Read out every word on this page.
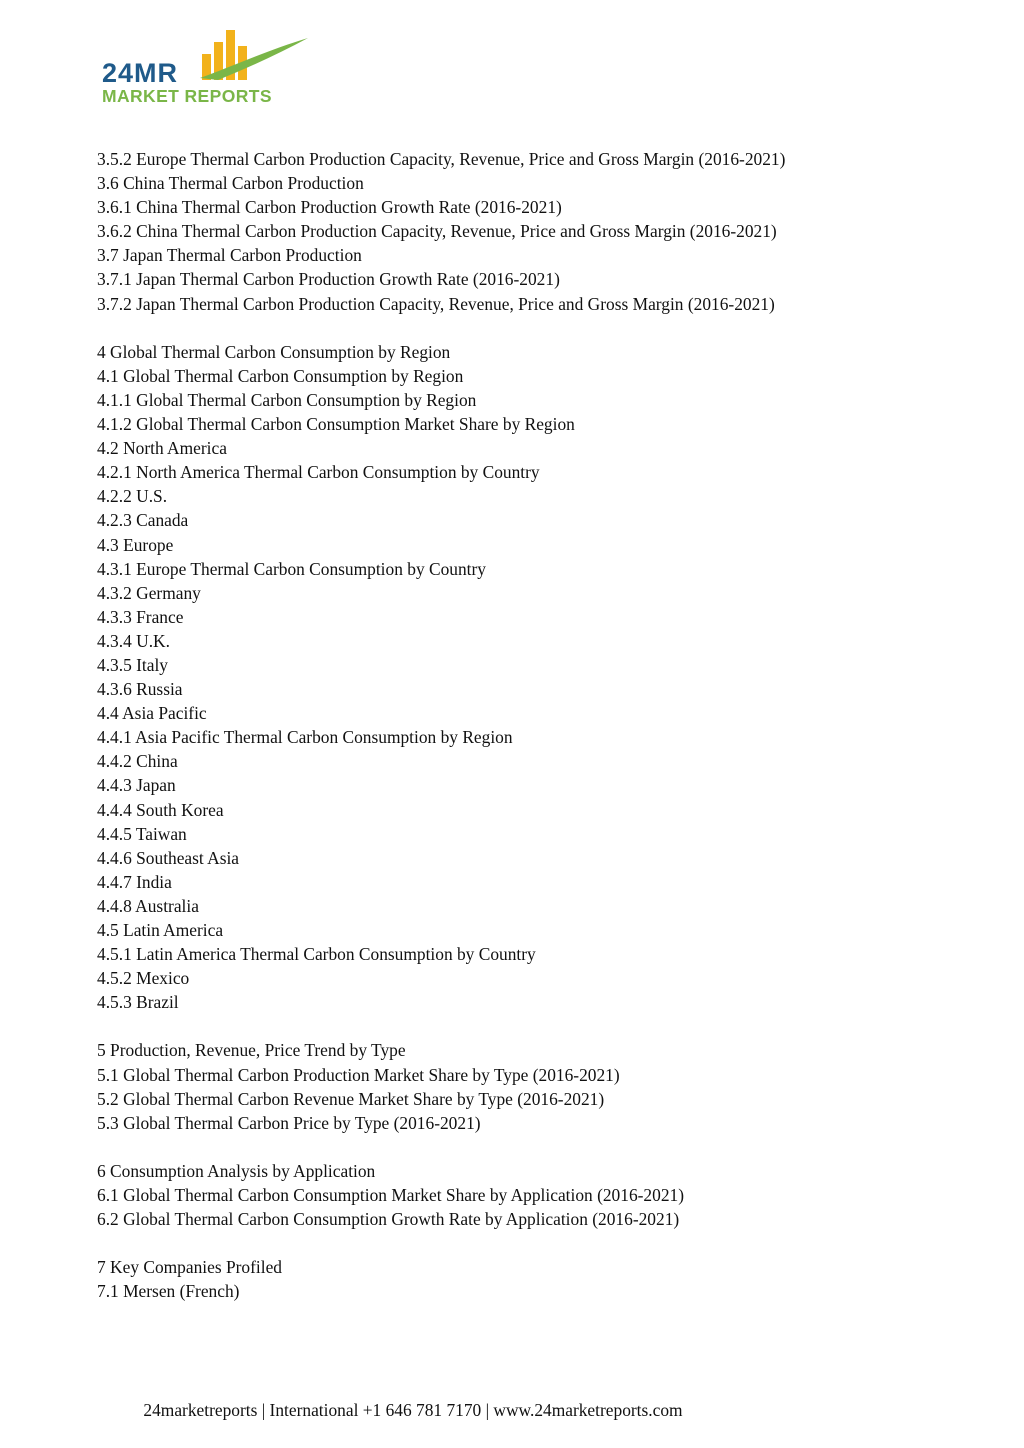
24MR
MARKET REPORTS
3.5.2 Europe Thermal Carbon Production Capacity, Revenue, Price and Gross Margin (2016-2021)
3.6 China Thermal Carbon Production
3.6.1 China Thermal Carbon Production Growth Rate (2016-2021)
3.6.2 China Thermal Carbon Production Capacity, Revenue, Price and Gross Margin (2016-2021)
3.7 Japan Thermal Carbon Production
3.7.1 Japan Thermal Carbon Production Growth Rate (2016-2021)
3.7.2 Japan Thermal Carbon Production Capacity, Revenue, Price and Gross Margin (2016-2021)
4 Global Thermal Carbon Consumption by Region
4.1 Global Thermal Carbon Consumption by Region
4.1.1 Global Thermal Carbon Consumption by Region
4.1.2 Global Thermal Carbon Consumption Market Share by Region
4.2 North America
4.2.1 North America Thermal Carbon Consumption by Country
4.2.2 U.S.
4.2.3 Canada
4.3 Europe
4.3.1 Europe Thermal Carbon Consumption by Country
4.3.2 Germany
4.3.3 France
4.3.4 U.K.
4.3.5 Italy
4.3.6 Russia
4.4 Asia Pacific
4.4.1 Asia Pacific Thermal Carbon Consumption by Region
4.4.2 China
4.4.3 Japan
4.4.4 South Korea
4.4.5 Taiwan
4.4.6 Southeast Asia
4.4.7 India
4.4.8 Australia
4.5 Latin America
4.5.1 Latin America Thermal Carbon Consumption by Country
4.5.2 Mexico
4.5.3 Brazil
5 Production, Revenue, Price Trend by Type
5.1 Global Thermal Carbon Production Market Share by Type (2016-2021)
5.2 Global Thermal Carbon Revenue Market Share by Type (2016-2021)
5.3 Global Thermal Carbon Price by Type (2016-2021)
6 Consumption Analysis by Application
6.1 Global Thermal Carbon Consumption Market Share by Application (2016-2021)
6.2 Global Thermal Carbon Consumption Growth Rate by Application (2016-2021)
7 Key Companies Profiled
7.1 Mersen (French)
24marketreports | International +1 646 781 7170 | www.24marketreports.com
